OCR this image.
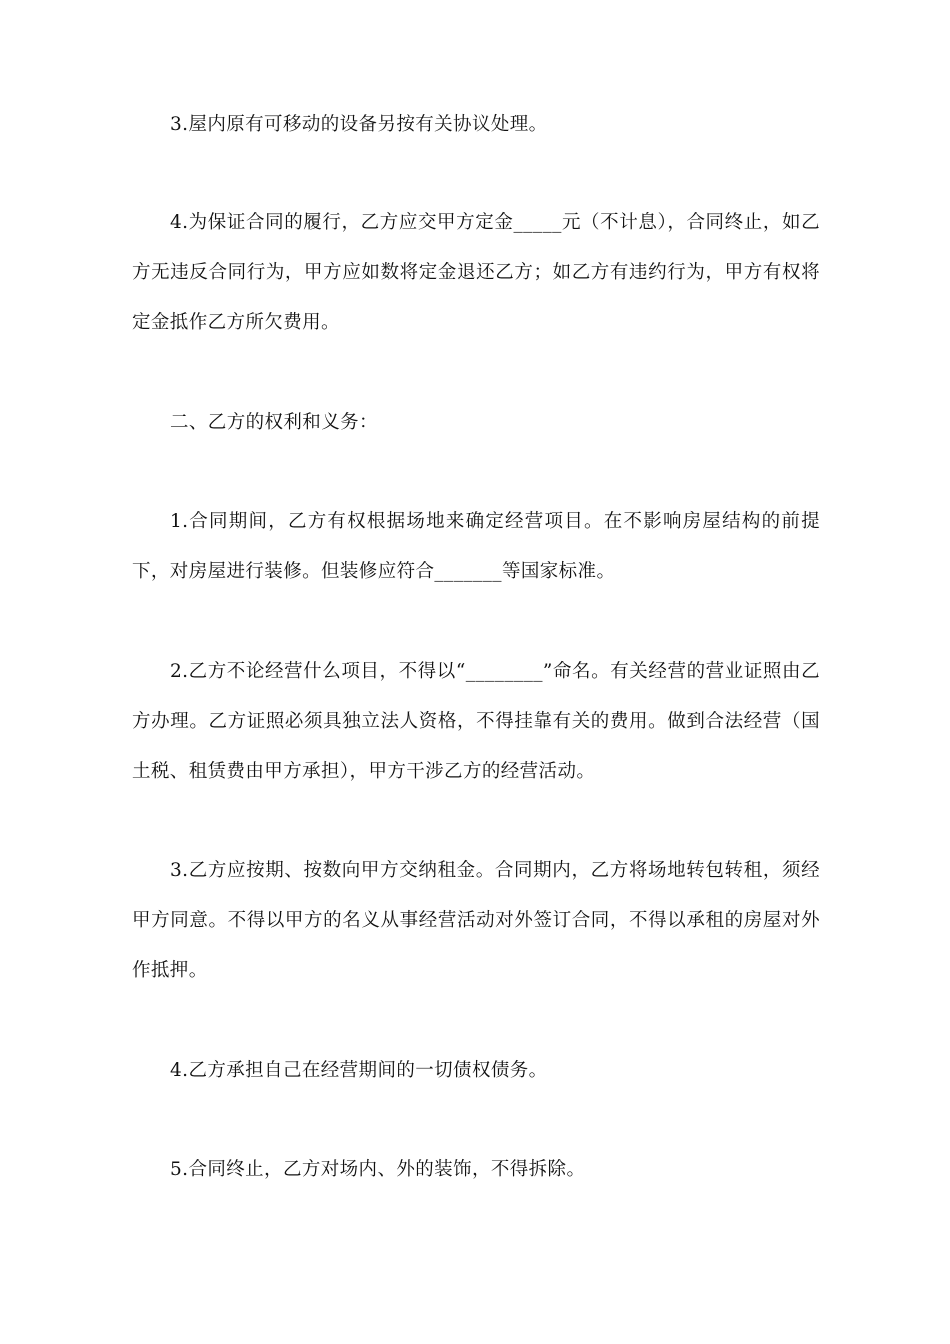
3.屋内原有可移动的设备另按有关协议处理。

4.为保证合同的履行，乙方应交甲方定金_____元（不计息），合同终止，如乙方无违反合同行为，甲方应如数将定金退还乙方；如乙方有违约行为，甲方有权将定金抵作乙方所欠费用。

二、乙方的权利和义务：

1.合同期间，乙方有权根据场地来确定经营项目。在不影响房屋结构的前提下，对房屋进行装修。但装修应符合_______等国家标准。

2.乙方不论经营什么项目，不得以“________”命名。有关经营的营业证照由乙方办理。乙方证照必须具独立法人资格，不得挂靠有关的费用。做到合法经营（国土税、租赁费由甲方承担），甲方干涉乙方的经营活动。

3.乙方应按期、按数向甲方交纳租金。合同期内，乙方将场地转包转租，须经甲方同意。不得以甲方的名义从事经营活动对外签订合同，不得以承租的房屋对外作抵押。

4.乙方承担自己在经营期间的一切债权债务。

5.合同终止，乙方对场内、外的装饰，不得拆除。
